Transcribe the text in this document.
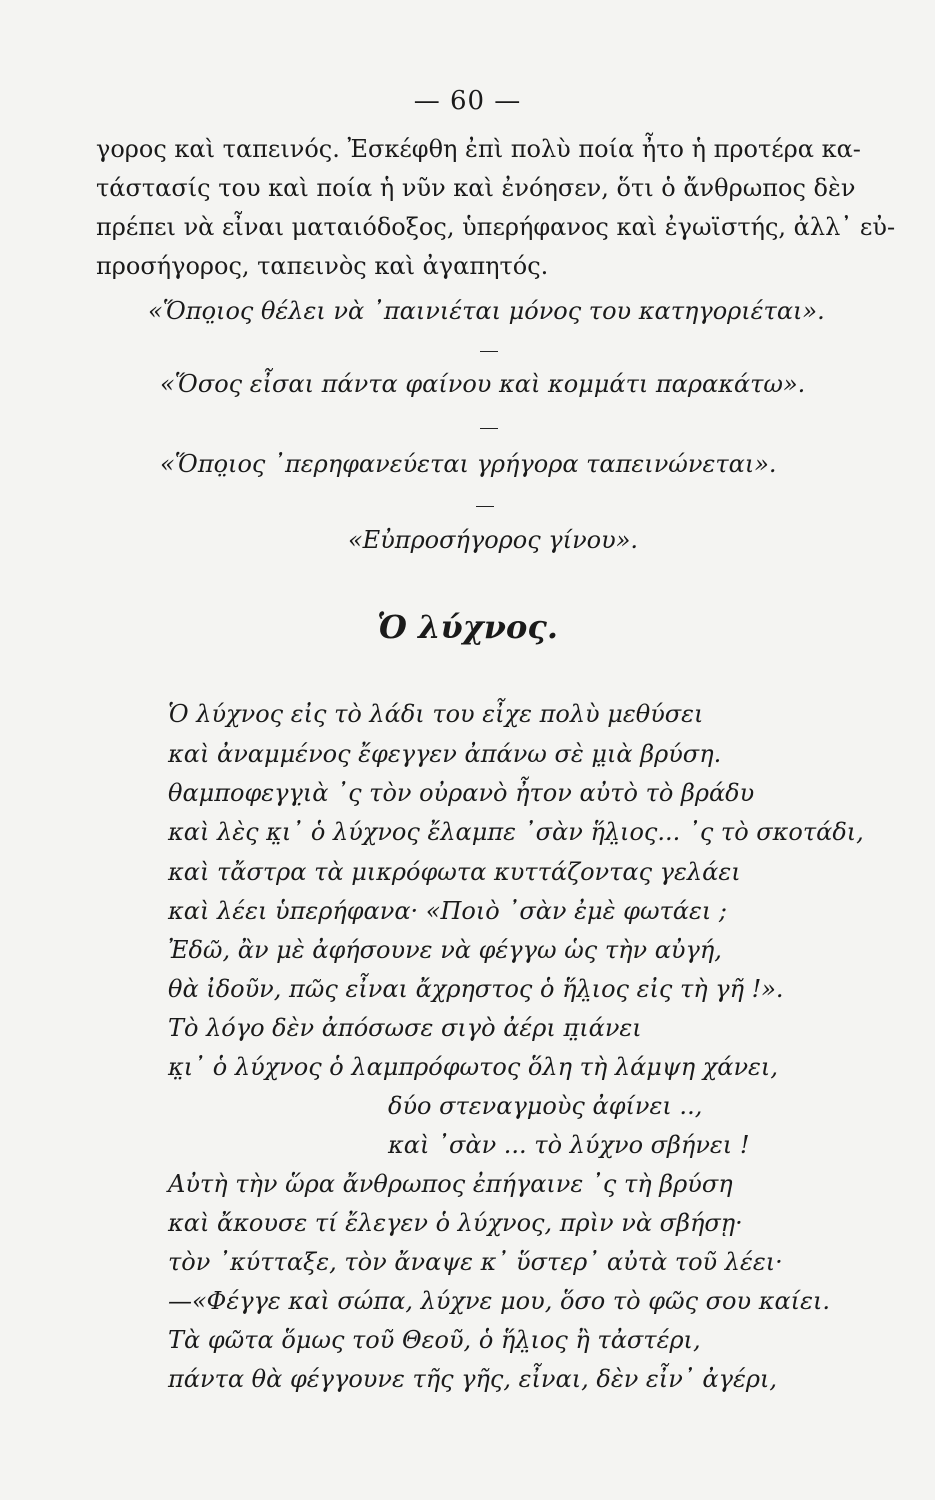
— 60 —
γορος καὶ ταπεινός. Ἐσκέφθη ἐπὶ πολὺ ποία ἦτο ἡ προτέρα κα-
τάστασίς του καὶ ποία ἡ νῦν καὶ ἐνόησεν, ὅτι ὁ ἄνθρωπος δὲν
πρέπει νὰ εἶναι ματαιόδοξος, ὑπερήφανος καὶ ἐγωϊστής, ἀλλ᾽ εὐ-
προσήγορος, ταπεινὸς καὶ ἀγαπητός.
«Ὅπο̤ιος θέλει νὰ ᾿παινιέται μόνος του κατηγοριέται».
«Ὅσος εἶσαι πάντα φαίνου καὶ κομμάτι παρακάτω».
«Ὅπο̤ιος ᾿περηφανεύεται γρήγορα ταπεινώνεται».
«Εὐπροσήγορος γίνου».
Ὁ λύχνος.
Ὁ λύχνος εἰς τὸ λάδι του εἶχε πολὺ μεθύσει
καὶ ἀναμμένος ἔφεγγεν ἀπάνω σὲ μ̤ιὰ βρύση.
θαμποφεγγ̤ιὰ ᾿ς τὸν οὐρανὸ ἦτον αὐτὸ τὸ βράδυ
καὶ λὲς κ̤ι᾽ ὁ λύχνος ἔλαμπε ᾿σὰν ἥλ̤ιος... ᾿ς τὸ σκοτάδι,
καὶ τἄστρα τὰ μικρόφωτα κυττάζοντας γελάει
καὶ λέει ὑπερήφανα· «Ποιὸ ᾿σὰν ἐμὲ φωτάει ;
Ἐδῶ, ἂν μὲ ἀφήσουνε νὰ φέγγω ὡς τὴν αὐγή,
θὰ ἰδοῦν, πῶς εἶναι ἄχρηστος ὁ ἥλ̤ιος εἰς τὴ γῆ !».
Τὸ λόγο δὲν ἀπόσωσε σιγὸ ἀέρι π̤ιάνει
κ̤ι᾽ ὁ λύχνος ὁ λαμπρόφωτος ὅλη τὴ λάμψη χάνει,
δύο στεναγμοὺς ἀφίνει ..,
καὶ ᾿σὰν ... τὸ λύχνο σβήνει !
Αὐτὴ τὴν ὥρα ἄνθρωπος ἐπήγαινε ᾿ς τὴ βρύση
καὶ ἄκουσε τί ἔλεγεν ὁ λύχνος, πρὶν νὰ σβήσῃ·
τὸν ᾿κύτταξε, τὸν ἄναψε κ᾽ ὕστερ᾽ αὐτὰ τοῦ λέει·
—«Φέγγε καὶ σώπα, λύχνε μου, ὅσο τὸ φῶς σου καίει.
Τὰ φῶτα ὅμως τοῦ Θεοῦ, ὁ ἥλ̤ιος ἢ τἀστέρι,
πάντα θὰ φέγγουνε τῆς γῆς, εἶναι, δὲν εἶν᾽ ἀγέρι,
